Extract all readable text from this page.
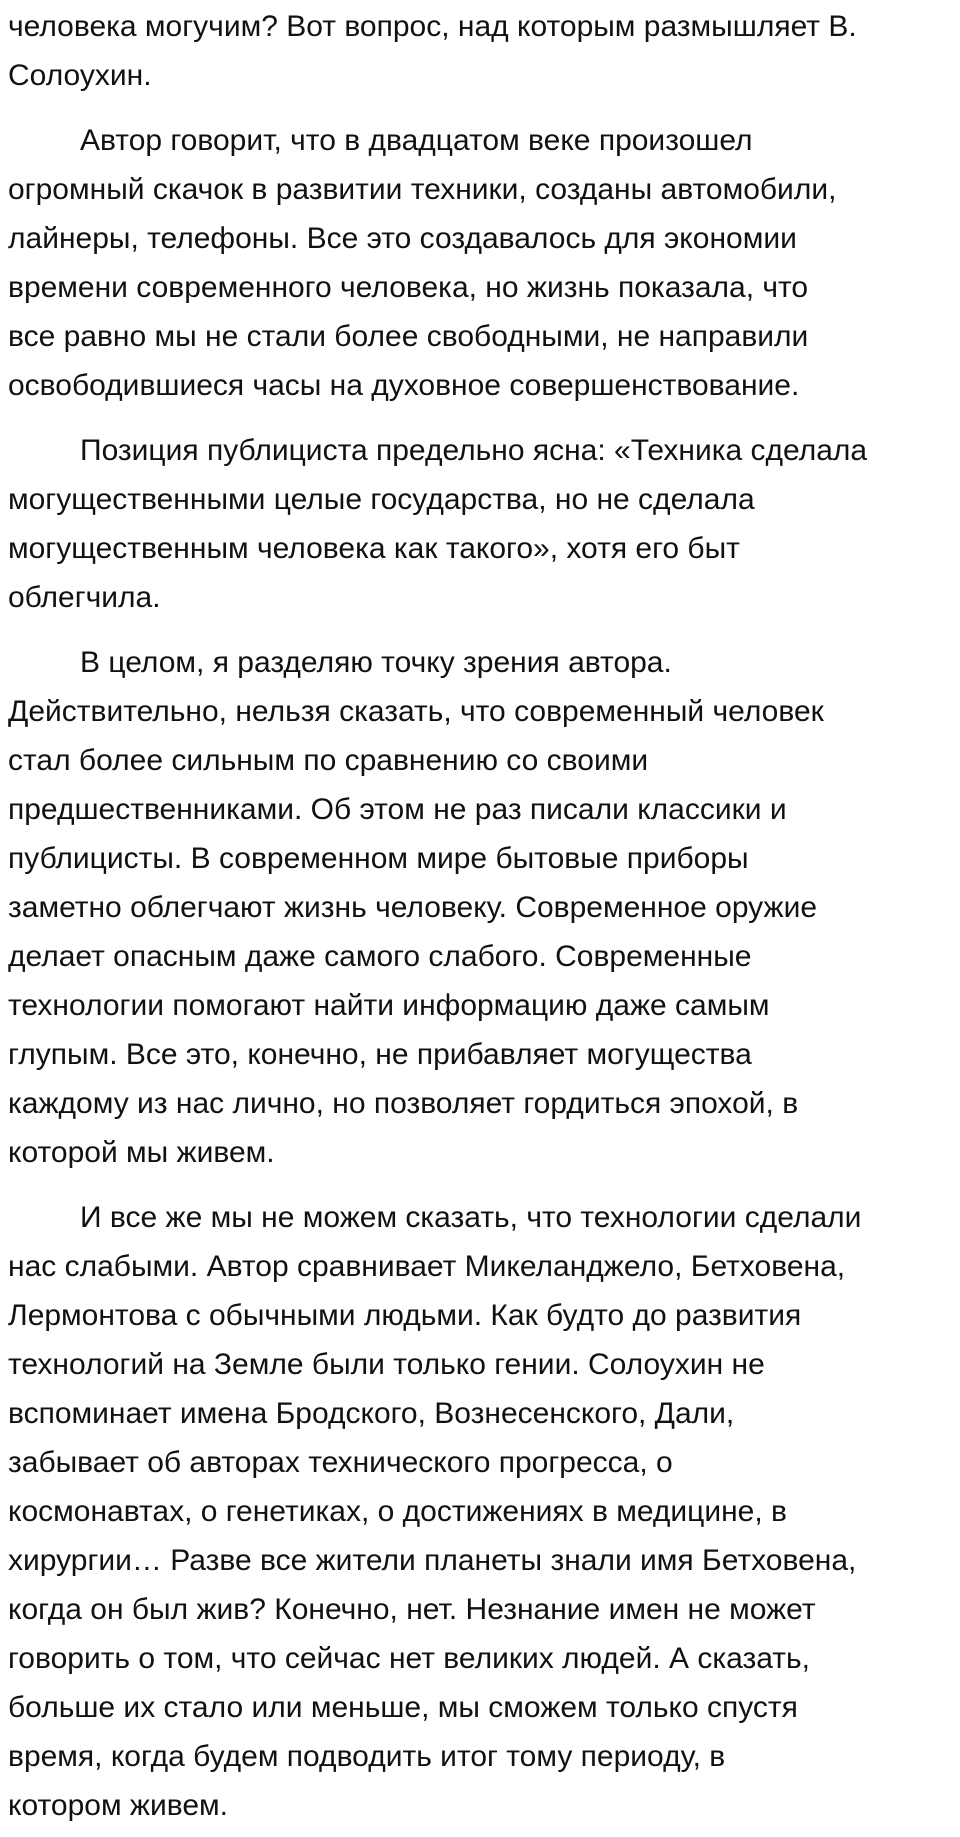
человека могучим? Вот вопрос, над которым размышляет В.
Солоухин.
Автор говорит, что в двадцатом веке произошел
огромный скачок в развитии техники, созданы автомобили,
лайнеры, телефоны. Все это создавалось для экономии
времени современного человека, но жизнь показала, что
все равно мы не стали более свободными, не направили
освободившиеся часы на духовное совершенствование.
Позиция публициста предельно ясна: «Техника сделала
могущественными целые государства, но не сделала
могущественным человека как такого», хотя его быт
облегчила.
В целом, я разделяю точку зрения автора.
Действительно, нельзя сказать, что современный человек
стал более сильным по сравнению со своими
предшественниками. Об этом не раз писали классики и
публицисты. В современном мире бытовые приборы
заметно облегчают жизнь человеку. Современное оружие
делает опасным даже самого слабого. Современные
технологии помогают найти информацию даже самым
глупым. Все это, конечно, не прибавляет могущества
каждому из нас лично, но позволяет гордиться эпохой, в
которой мы живем.
И все же мы не можем сказать, что технологии сделали
нас слабыми. Автор сравнивает Микеланджело, Бетховена,
Лермонтова с обычными людьми. Как будто до развития
технологий на Земле были только гении. Солоухин не
вспоминает имена Бродского, Вознесенского, Дали,
забывает об авторах технического прогресса, о
космонавтах, о генетиках, о достижениях в медицине, в
хирургии… Разве все жители планеты знали имя Бетховена,
когда он был жив? Конечно, нет. Незнание имен не может
говорить о том, что сейчас нет великих людей. А сказать,
больше их стало или меньше, мы сможем только спустя
время, когда будем подводить итог тому периоду, в
котором живем.
